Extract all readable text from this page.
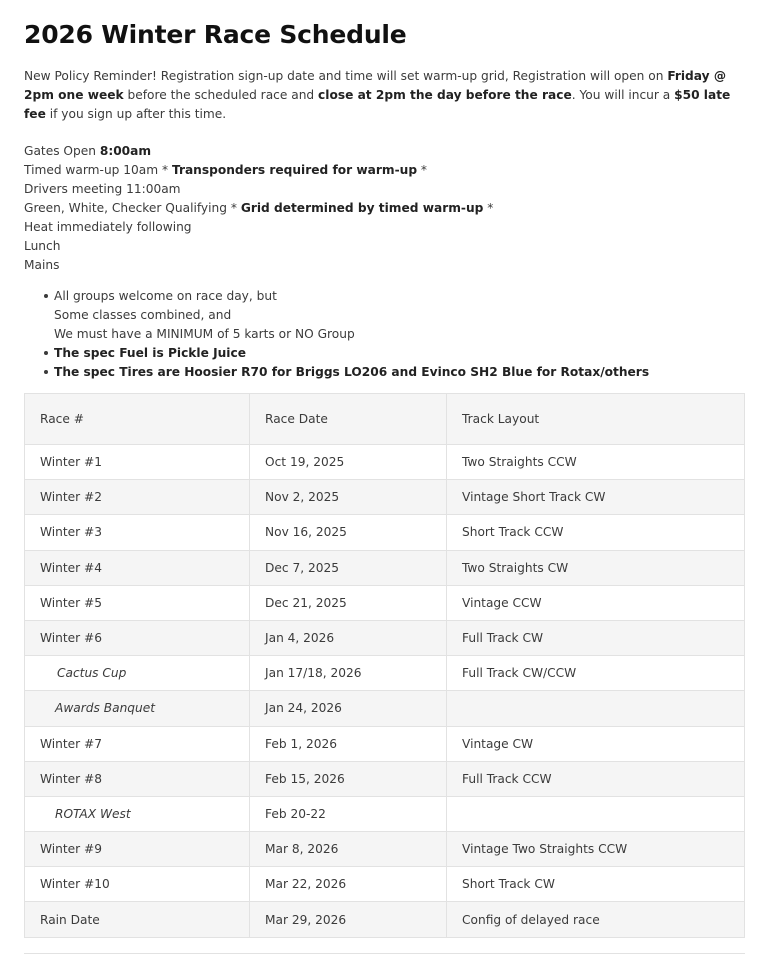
2026 Winter Race Schedule

New Policy Reminder! Registration sign-up date and time will set warm-up grid, Registration will open on Friday @ 2pm one week before the scheduled race and close at 2pm the day before the race. You will incur a $50 late fee if you sign up after this time.

Gates Open 8:00am
Timed warm-up 10am * Transponders required for warm-up *
Drivers meeting 11:00am
Green, White, Checker Qualifying * Grid determined by timed warm-up *
Heat immediately following
Lunch
Mains
All groups welcome on race day, but
Some classes combined, and
We must have a MINIMUM of 5 karts or NO Group
The spec Fuel is Pickle Juice
The spec Tires are Hoosier R70 for Briggs LO206 and Evinco SH2 Blue for Rotax/others
Race #	Race Date	Track Layout
Winter #1	Oct 19, 2025	Two Straights CCW
Winter #2	Nov 2, 2025	Vintage Short Track CW
Winter #3	Nov 16, 2025	Short Track CCW
Winter #4	Dec 7, 2025	Two Straights CW
Winter #5	Dec 21, 2025	Vintage CCW
Winter #6	Jan 4, 2026	Full Track CW
Cactus Cup	Jan 17/18, 2026	Full Track CW/CCW
Awards Banquet	Jan 24, 2026	
Winter #7	Feb 1, 2026	Vintage CW
Winter #8	Feb 15, 2026	Full Track CCW
ROTAX West	Feb 20-22	
Winter #9	Mar 8, 2026	Vintage Two Straights CCW
Winter #10	Mar 22, 2026	Short Track CW
Rain Date	Mar 29, 2026	Config of delayed race
